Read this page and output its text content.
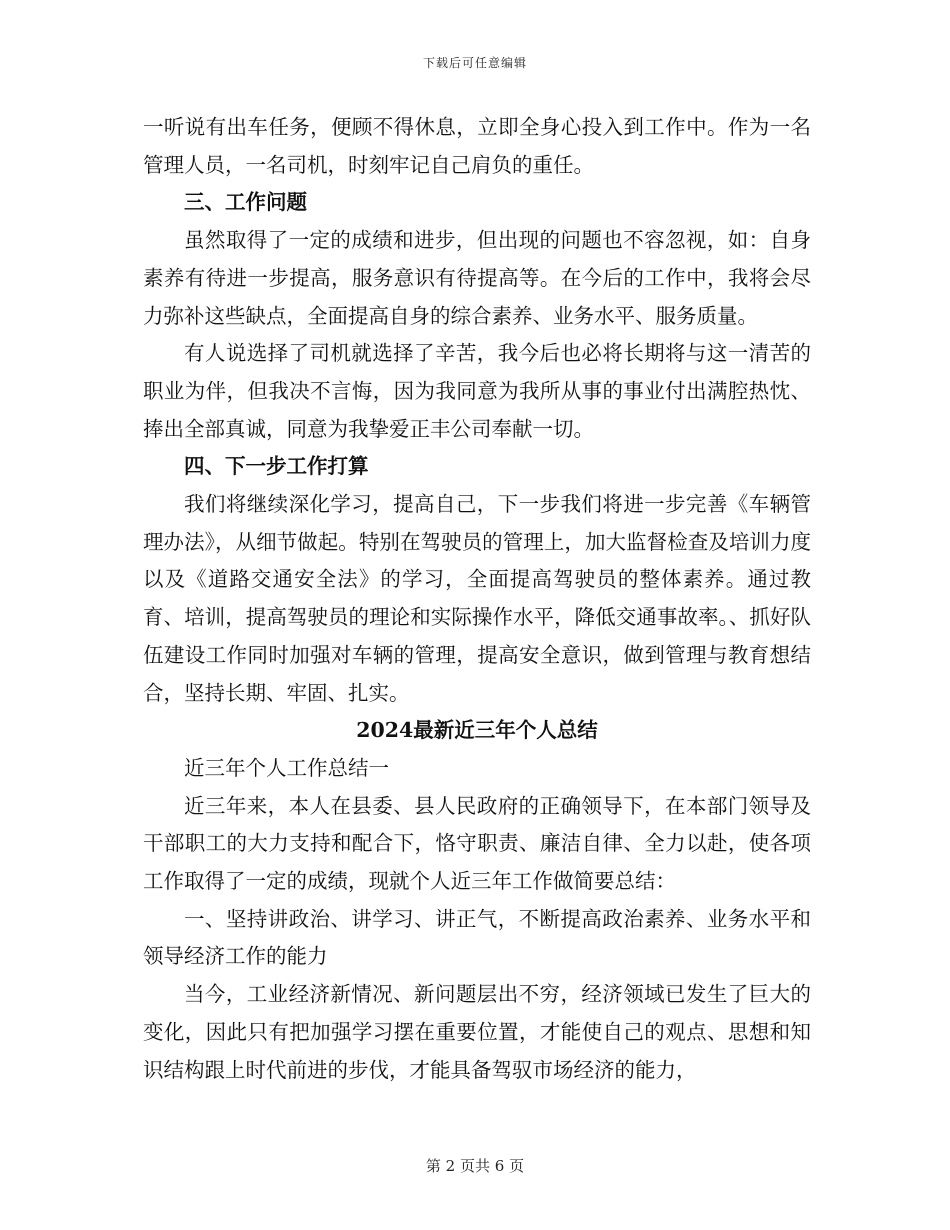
下载后可任意编辑

一听说有出车任务，便顾不得休息，立即全身心投入到工作中。作为一名管理人员，一名司机，时刻牢记自己肩负的重任。

三、工作问题

虽然取得了一定的成绩和进步，但出现的问题也不容忽视，如：自身素养有待进一步提高，服务意识有待提高等。在今后的工作中，我将会尽力弥补这些缺点，全面提高自身的综合素养、业务水平、服务质量。

有人说选择了司机就选择了辛苦，我今后也必将长期将与这一清苦的职业为伴，但我决不言悔，因为我同意为我所从事的事业付出满腔热忱、捧出全部真诚，同意为我挚爱正丰公司奉献一切。

四、下一步工作打算

我们将继续深化学习，提高自己，下一步我们将进一步完善《车辆管理办法》，从细节做起。特别在驾驶员的管理上，加大监督检查及培训力度以及《道路交通安全法》的学习，全面提高驾驶员的整体素养。通过教育、培训，提高驾驶员的理论和实际操作水平，降低交通事故率。、抓好队伍建设工作同时加强对车辆的管理，提高安全意识，做到管理与教育想结合，坚持长期、牢固、扎实。

2024最新近三年个人总结

近三年个人工作总结一

近三年来，本人在县委、县人民政府的正确领导下，在本部门领导及干部职工的大力支持和配合下，恪守职责、廉洁自律、全力以赴，使各项工作取得了一定的成绩，现就个人近三年工作做简要总结：

一、坚持讲政治、讲学习、讲正气，不断提高政治素养、业务水平和领导经济工作的能力

当今，工业经济新情况、新问题层出不穷，经济领域已发生了巨大的变化，因此只有把加强学习摆在重要位置，才能使自己的观点、思想和知识结构跟上时代前进的步伐，才能具备驾驭市场经济的能力，

第 2 页共 6 页
